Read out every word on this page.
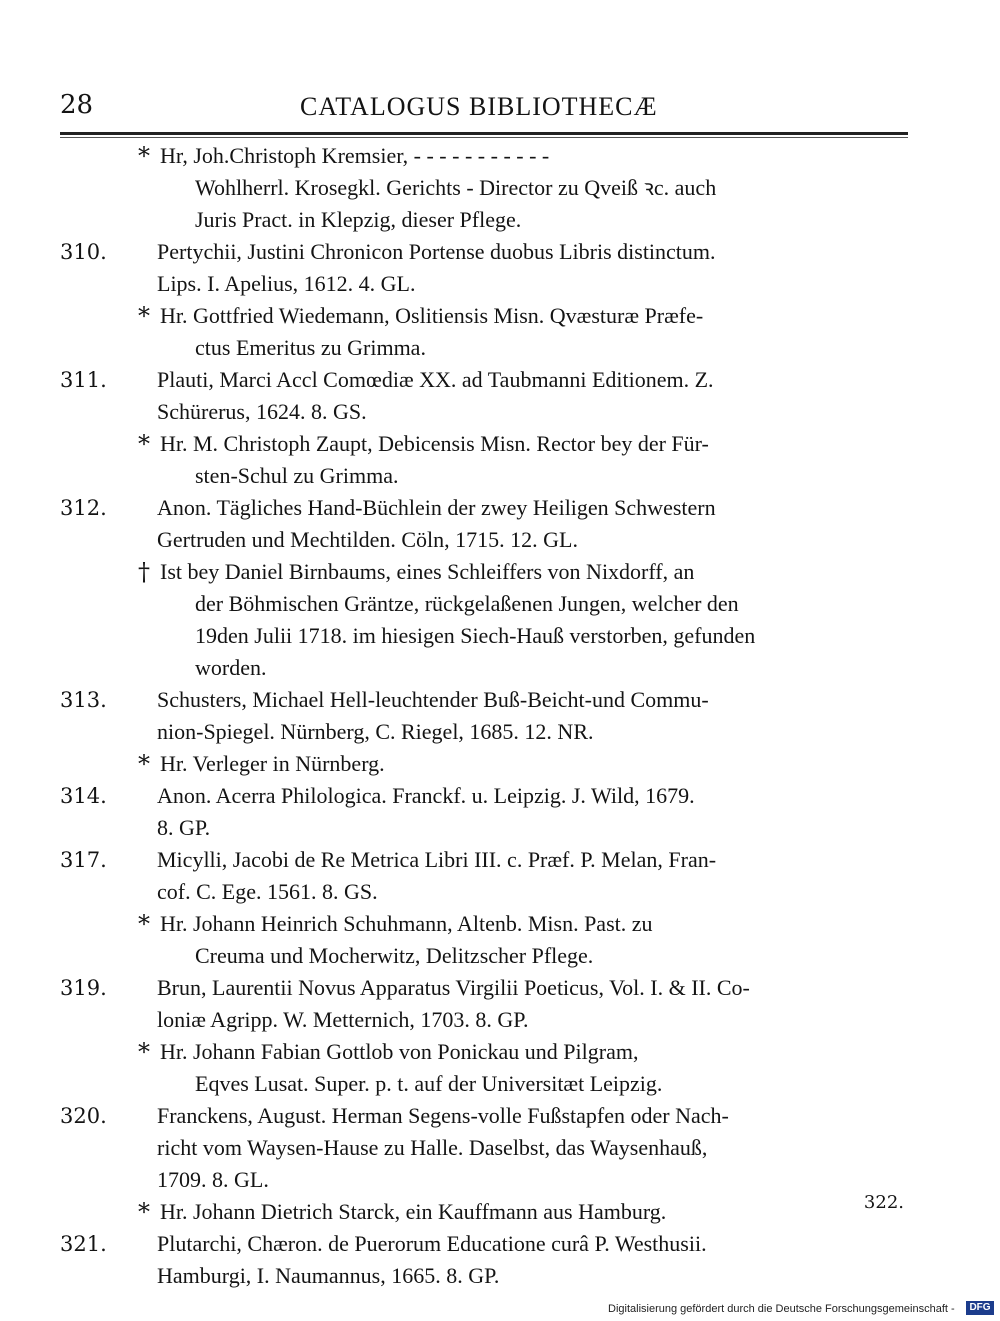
28	CATALOGUS BIBLIOTHECÆ
* Hr, Joh.Christoph Kremsier, - - - - - - - - - - -
Wohlherrl. Krosegkl. Gerichts - Director zu Qveiß ꝛc. auch
Juris Pract. in Klepzig, dieser Pflege.
310.	Pertychii, Justini Chronicon Portense duobus Libris distinctum.
Lips. I. Apelius, 1612. 4. GL.
* Hr. Gottfried Wiedemann, Oslitiensis Misn. Qvæsturæ Præfe-
ctus Emeritus zu Grimma.
311.	Plauti, Marci Accl Comœdiæ XX. ad Taubmanni Editionem. Z.
Schürerus, 1624. 8. GS.
* Hr. M. Christoph Zaupt, Debicensis Misn. Rector bey der Für-
sten-Schul zu Grimma.
312.	Anon. Tägliches Hand-Büchlein der zwey Heiligen Schwestern
Gertruden und Mechtilden. Cöln, 1715. 12. GL.
† Ist bey Daniel Birnbaums, eines Schleiffers von Nixdorff, an
der Böhmischen Gräntze, rückgelaßenen Jungen, welcher den
19den Julii 1718. im hiesigen Siech-Hauß verstorben, gefunden
worden.
313.	Schusters, Michael Hell-leuchtender Buß-Beicht-und Commu-
nion-Spiegel. Nürnberg, C. Riegel, 1685. 12. NR.
* Hr. Verleger in Nürnberg.
314.	Anon. Acerra Philologica. Franckf. u. Leipzig. J. Wild, 1679.
8. GP.
317.	Micylli, Jacobi de Re Metrica Libri III. c. Præf. P. Melan, Fran-
cof. C. Ege. 1561. 8. GS.
* Hr. Johann Heinrich Schuhmann, Altenb. Misn. Past. zu
Creuma und Mocherwitz, Delitzscher Pflege.
319.	Brun, Laurentii Novus Apparatus Virgilii Poeticus, Vol. I. & II. Co-
loniæ Agripp. W. Metternich, 1703. 8. GP.
* Hr. Johann Fabian Gottlob von Ponickau und Pilgram,
Eqves Lusat. Super. p. t. auf der Universitæt Leipzig.
320.	Franckens, August. Herman Segens-volle Fußstapfen oder Nach-
richt vom Waysen-Hause zu Halle. Daselbst, das Waysenhauß,
1709. 8. GL.
* Hr. Johann Dietrich Starck, ein Kauffmann aus Hamburg.
321.	Plutarchi, Chæron. de Puerorum Educatione curâ P. Westhusii.
Hamburgi, I. Naumannus, 1665. 8. GP.
322.
Digitalisierung gefördert durch die Deutsche Forschungsgemeinschaft -	DFG
